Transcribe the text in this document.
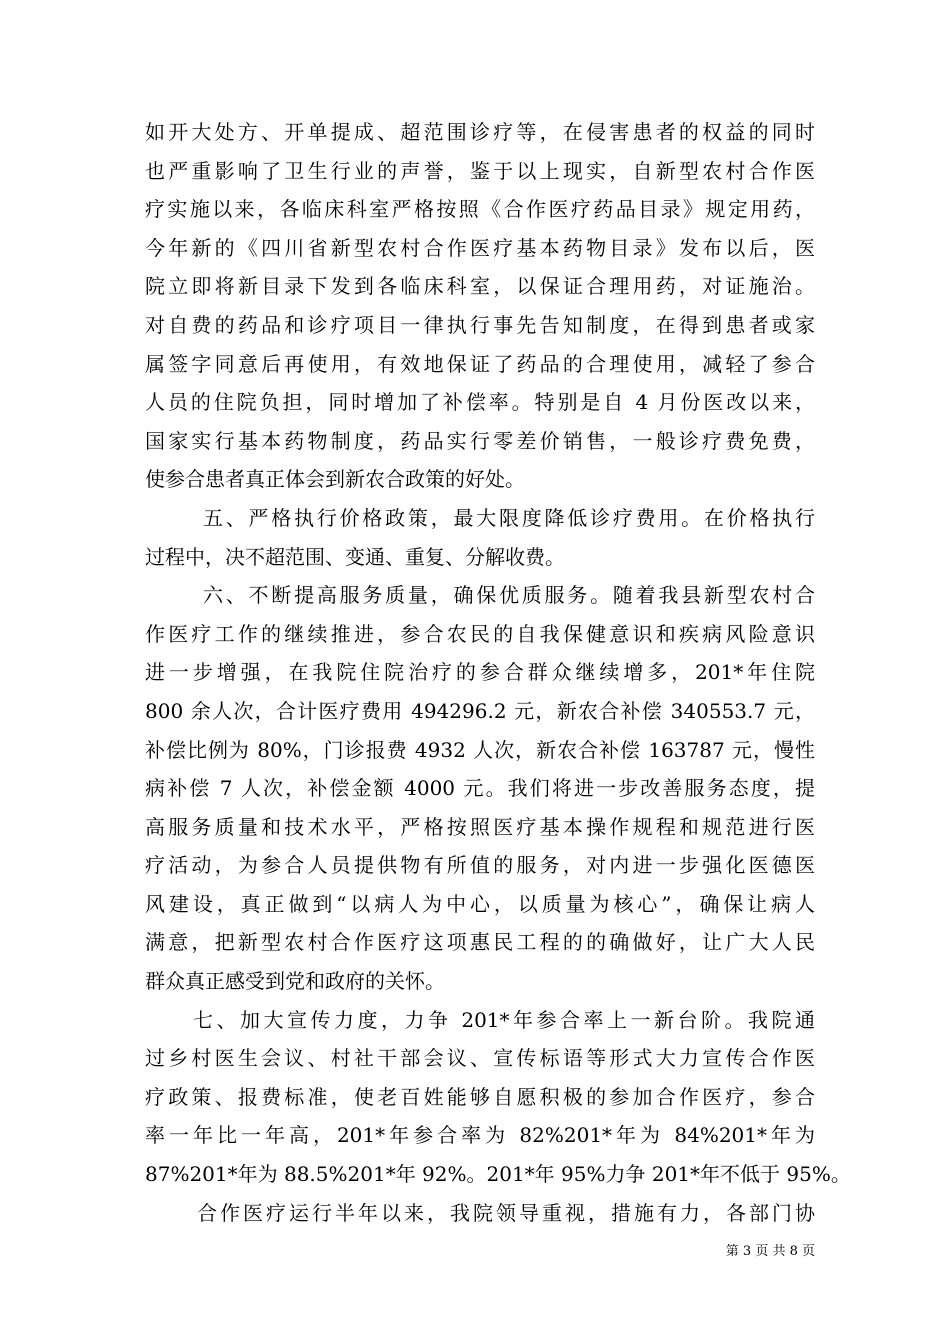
如开大处方、开单提成、超范围诊疗等，在侵害患者的权益的同时
也严重影响了卫生行业的声誉，鉴于以上现实，自新型农村合作医
疗实施以来，各临床科室严格按照《合作医疗药品目录》规定用药，
今年新的《四川省新型农村合作医疗基本药物目录》发布以后，医
院立即将新目录下发到各临床科室，以保证合理用药，对证施治。
对自费的药品和诊疗项目一律执行事先告知制度，在得到患者或家
属签字同意后再使用，有效地保证了药品的合理使用，减轻了参合
人员的住院负担，同时增加了补偿率。特别是自 4 月份医改以来，
国家实行基本药物制度，药品实行零差价销售，一般诊疗费免费，
使参合患者真正体会到新农合政策的好处。
五、严格执行价格政策，最大限度降低诊疗费用。在价格执行
过程中，决不超范围、变通、重复、分解收费。
六、不断提高服务质量，确保优质服务。随着我县新型农村合
作医疗工作的继续推进，参合农民的自我保健意识和疾病风险意识
进一步增强，在我院住院治疗的参合群众继续增多，201*年住院
800 余人次，合计医疗费用 494296.2 元，新农合补偿 340553.7 元，
补偿比例为 80%，门诊报费 4932 人次，新农合补偿 163787 元，慢性
病补偿 7 人次，补偿金额 4000 元。我们将进一步改善服务态度，提
高服务质量和技术水平，严格按照医疗基本操作规程和规范进行医
疗活动，为参合人员提供物有所值的服务，对内进一步强化医德医
风建设，真正做到“以病人为中心，以质量为核心”，确保让病人
满意，把新型农村合作医疗这项惠民工程的的确做好，让广大人民
群众真正感受到党和政府的关怀。
七、加大宣传力度，力争 201*年参合率上一新台阶。我院通
过乡村医生会议、村社干部会议、宣传标语等形式大力宣传合作医
疗政策、报费标准，使老百姓能够自愿积极的参加合作医疗，参合
率一年比一年高，201*年参合率为 82%201*年为 84%201*年为
87%201*年为 88.5%201*年 92%。201*年 95%力争 201*年不低于 95%。
合作医疗运行半年以来，我院领导重视，措施有力，各部门协
第 3 页 共 8 页
